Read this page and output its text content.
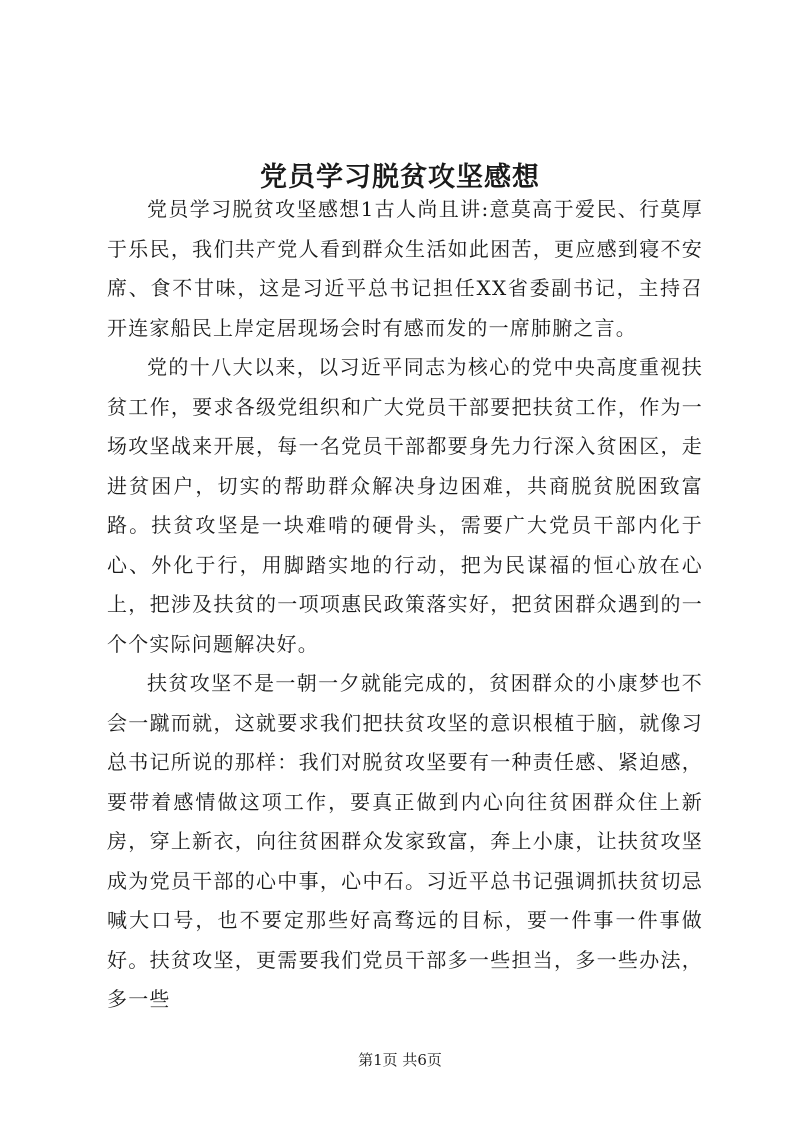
党员学习脱贫攻坚感想

党员学习脱贫攻坚感想1古人尚且讲:意莫高于爱民、行莫厚于乐民，我们共产党人看到群众生活如此困苦，更应感到寝不安席、食不甘味，这是习近平总书记担任XX省委副书记，主持召开连家船民上岸定居现场会时有感而发的一席肺腑之言。

党的十八大以来，以习近平同志为核心的党中央高度重视扶贫工作，要求各级党组织和广大党员干部要把扶贫工作，作为一场攻坚战来开展，每一名党员干部都要身先力行深入贫困区，走进贫困户，切实的帮助群众解决身边困难，共商脱贫脱困致富路。扶贫攻坚是一块难啃的硬骨头，需要广大党员干部内化于心、外化于行，用脚踏实地的行动，把为民谋福的恒心放在心上，把涉及扶贫的一项项惠民政策落实好，把贫困群众遇到的一个个实际问题解决好。

扶贫攻坚不是一朝一夕就能完成的，贫困群众的小康梦也不会一蹴而就，这就要求我们把扶贫攻坚的意识根植于脑，就像习总书记所说的那样：我们对脱贫攻坚要有一种责任感、紧迫感，要带着感情做这项工作，要真正做到内心向往贫困群众住上新房，穿上新衣，向往贫困群众发家致富，奔上小康，让扶贫攻坚成为党员干部的心中事，心中石。习近平总书记强调抓扶贫切忌喊大口号，也不要定那些好高骛远的目标，要一件事一件事做好。扶贫攻坚，更需要我们党员干部多一些担当，多一些办法，多一些

第1页 共6页
